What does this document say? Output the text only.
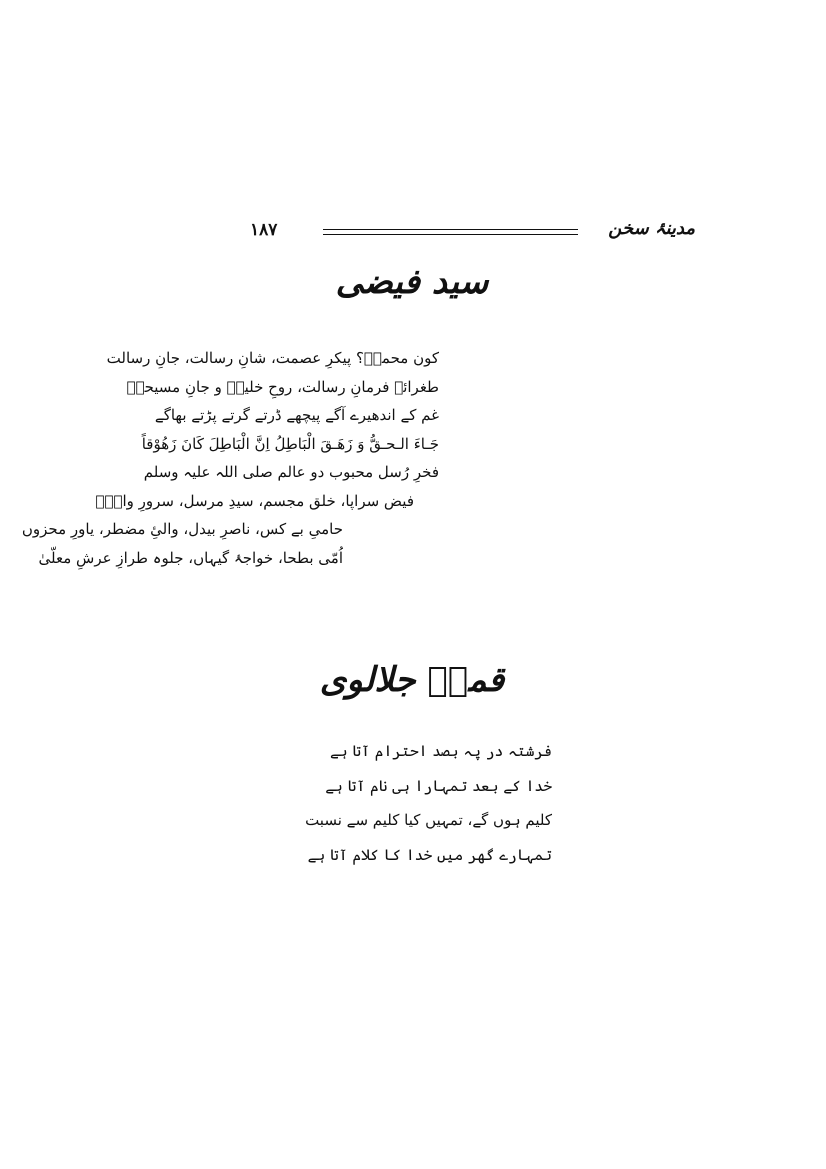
۱۸۷	مدینۂ سخن
سید فیضی
کون محمدؐ؟ پیکرِ عصمت، شانِ رسالت، جانِ رسالت
طغرائے فرمانِ رسالت، روحِ خلیلؑ و جانِ مسیحاؑ
غم کے اندھیرے آگے پیچھے ڈرتے گرتے پڑتے بھاگے
جَـاءَ الـحـقُّ وَ زَهَـقَ الْبَاطِلُ اِنَّ الْبَاطِلَ كَانَ زَهُوْقاً
فخرِ رُسل محبوب دو عالم صلی اللہ علیہ وسلم
فیض سراپا، خلق مجسم، سیدِ مرسل، سرورِ والاؐ
حامیِ بے کس، ناصرِ بیدل، والیِٔ مضطر، یاورِ محزوں
اُمّی بطحا، خواجۂ گیہاں، جلوہ طرازِ عرشِ معلّیٰ
قمرؔ جلالوی
فرشتہ در پہ بصد احترام آتا ہے
خدا کے بعد تمہارا ہی نام آتا ہے
کلیم ہوں گے، تمہیں کیا کلیم سے نسبت
تمہارے گھر میں خدا کا کلام آتا ہے
